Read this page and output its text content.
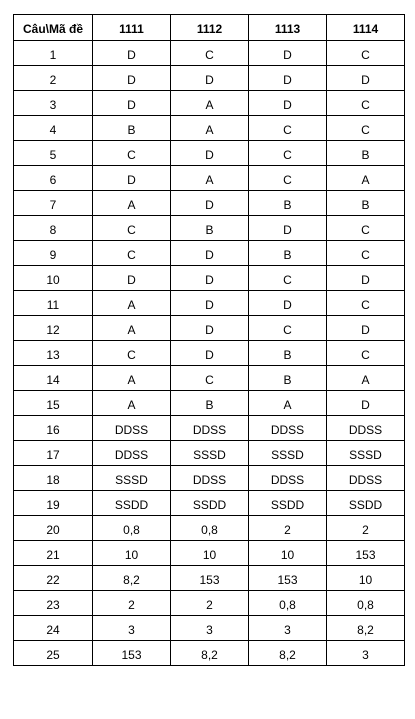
Câu\Mã đề	1111	1112	1113	1114
1	D	C	D	C
2	D	D	D	D
3	D	A	D	C
4	B	A	C	C
5	C	D	C	B
6	D	A	C	A
7	A	D	B	B
8	C	B	D	C
9	C	D	B	C
10	D	D	C	D
11	A	D	D	C
12	A	D	C	D
13	C	D	B	C
14	A	C	B	A
15	A	B	A	D
16	DDSS	DDSS	DDSS	DDSS
17	DDSS	SSSD	SSSD	SSSD
18	SSSD	DDSS	DDSS	DDSS
19	SSDD	SSDD	SSDD	SSDD
20	0,8	0,8	2	2
21	10	10	10	153
22	8,2	153	153	10
23	2	2	0,8	0,8
24	3	3	3	8,2
25	153	8,2	8,2	3
